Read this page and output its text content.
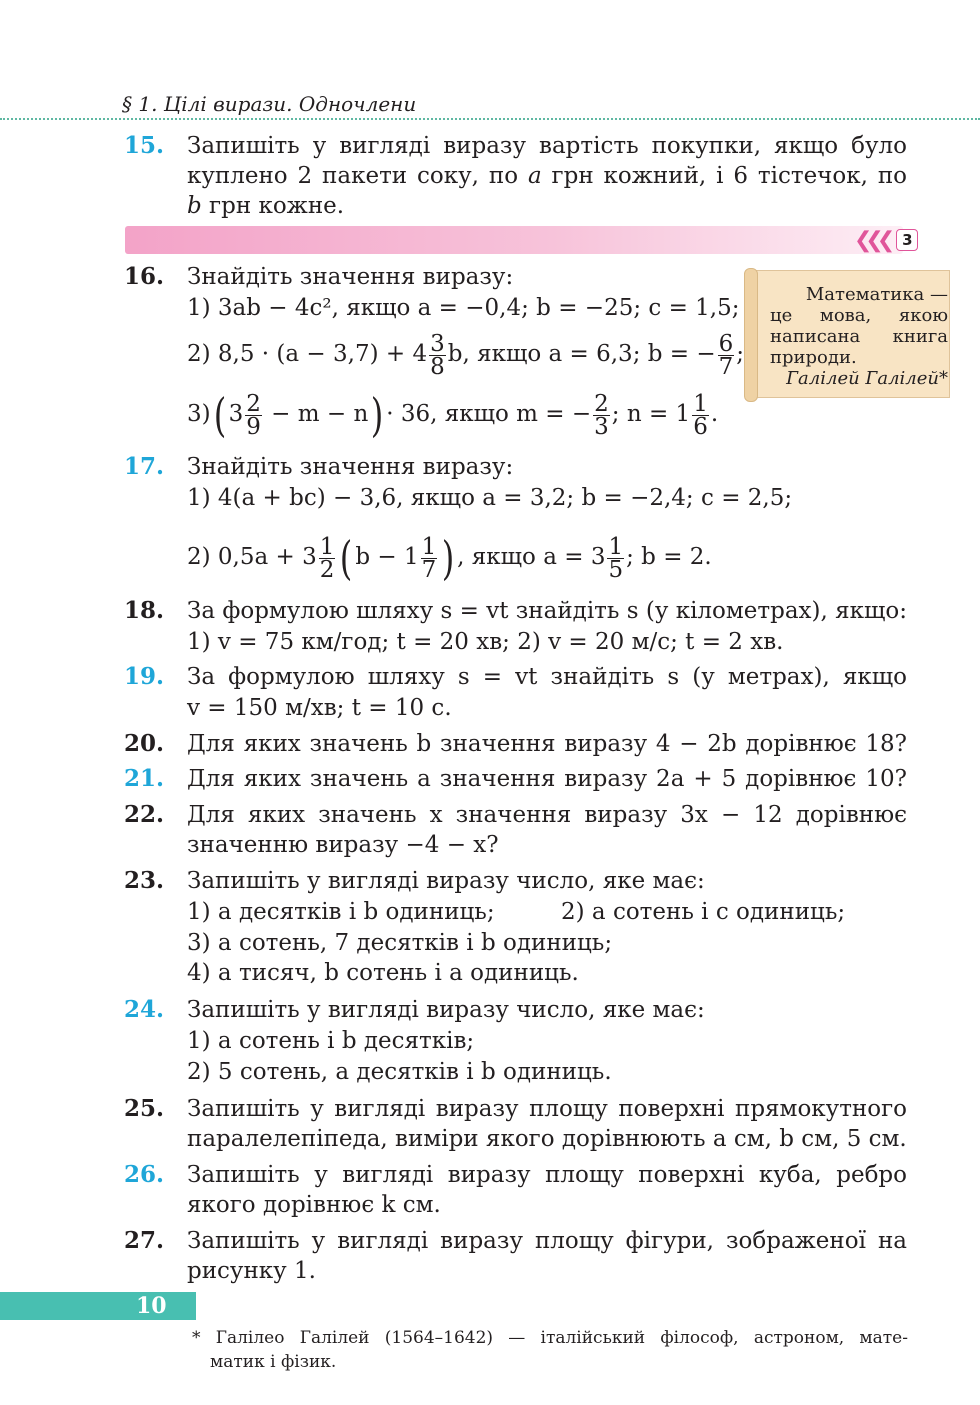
§ 1. Цілі вирази. Одночлени
15. Запишіть у вигляді виразу вартість покупки, якщо було
куплено 2 пакети соку, по a грн кожний, і 6 тістечок, по
b грн кожне.
❮❮❮ 3
Математика —
це мова, якою
написана книга
природи.
Галілей Галілей*
16. Знайдіть значення виразу:
1) 3ab − 4c², якщо a = −0,4; b = −25; c = 1,5;
2) $8,5 \cdot (a - 3,7) + 4 \frac{3}{8} b$, якщо a = 6,3; b = − $\frac{6}{7}$ ;
3)( $3 \frac{2}{9} - m - n) \cdot 36$, якщо m = − $\frac{2}{3}$ ; $n = 1 \frac{1}{6}$ .
17. Знайдіть значення виразу:
1) 4(a + bc) − 3,6, якщо a = 3,2; b = −2,4; c = 2,5;
2) $0,5a + 3 \frac{1}{2}$ ( $b - 1 \frac{1}{7}$ ) , якщо $a = 3 \frac{1}{5}$ ; b = 2.
18. За формулою шляху s = vt знайдіть s (у кілометрах), якщо:
1) v = 75 км/год; t = 20 хв; 2) v = 20 м/с; t = 2 хв.
19. За формулою шляху s = vt знайдіть s (у метрах), якщо
v = 150 м/хв; t = 10 с.
20. Для яких значень b значення виразу 4 − 2b дорівнює 18?
21. Для яких значень a значення виразу 2a + 5 дорівнює 10?
22. Для яких значень x значення виразу 3x − 12 дорівнює
значенню виразу −4 − x?
23. Запишіть у вигляді виразу число, яке має:
1) a десятків і b одиниць;	2) a сотень і c одиниць;
3) a сотень, 7 десятків і b одиниць;
4) a тисяч, b сотень і a одиниць.
24. Запишіть у вигляді виразу число, яке має:
1) a сотень і b десятків;
2) 5 сотень, a десятків і b одиниць.
25. Запишіть у вигляді виразу площу поверхні прямокутного
паралелепіпеда, виміри якого дорівнюють a см, b см, 5 см.
26. Запишіть у вигляді виразу площу поверхні куба, ребро
якого дорівнює k см.
27. Запишіть у вигляді виразу площу фігури, зображеної на
рисунку 1.
10
* Галілео Галілей (1564–1642) — італійський філософ, астроном, мате-
матик і фізик.
